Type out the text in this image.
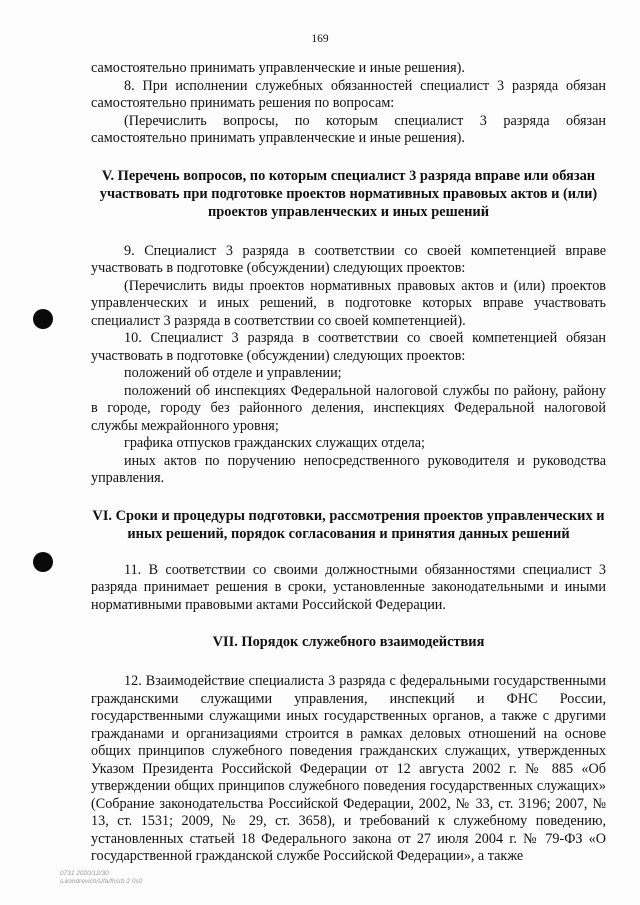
169

самостоятельно принимать управленческие и иные решения).

8. При исполнении служебных обязанностей специалист 3 разряда обязан самостоятельно принимать решения по вопросам:

(Перечислить вопросы, по которым специалист 3 разряда обязан самостоятельно принимать управленческие и иные решения).

V. Перечень вопросов, по которым специалист 3 разряда вправе или обязан участвовать при подготовке проектов нормативных правовых актов и (или) проектов управленческих и иных решений

9. Специалист 3 разряда в соответствии со своей компетенцией вправе участвовать в подготовке (обсуждении) следующих проектов:

(Перечислить виды проектов нормативных правовых актов и (или) проектов управленческих и иных решений, в подготовке которых вправе участвовать специалист 3 разряда в соответствии со своей компетенцией).

10. Специалист 3 разряда в соответствии со своей компетенцией обязан участвовать в подготовке (обсуждении) следующих проектов:

положений об отделе и управлении;

положений об инспекциях Федеральной налоговой службы по району, району в городе, городу без районного деления, инспекциях Федеральной налоговой службы межрайонного уровня;

графика отпусков гражданских служащих отдела;

иных актов по поручению непосредственного руководителя и руководства управления.

VI. Сроки и процедуры подготовки, рассмотрения проектов управленческих и иных решений, порядок согласования и принятия данных решений

11. В соответствии со своими должностными обязанностями специалист 3 разряда принимает решения в сроки, установленные законодательными и иными нормативными правовыми актами Российской Федерации.

VII. Порядок служебного взаимодействия

12. Взаимодействие специалиста 3 разряда с федеральными государственными гражданскими служащими управления, инспекций и ФНС России, государственными служащими иных государственных органов, а также с другими гражданами и организациями строится в рамках деловых отношений на основе общих принципов служебного поведения гражданских служащих, утвержденных Указом Президента Российской Федерации от 12 августа 2002 г. № 885 «Об утверждении общих принципов служебного поведения государственных служащих» (Собрание законодательства Российской Федерации, 2002, № 33, ст. 3196; 2007, № 13, ст. 1531; 2009, № 29, ст. 3658), и требований к служебному поведению, установленных статьей 18 Федерального закона от 27 июля 2004 г. № 79-ФЗ «О государственной гражданской службе Российской Федерации», а также

0731 2020/12/30
s.kondrevich/Ufa/fnsrb 2 0s0
